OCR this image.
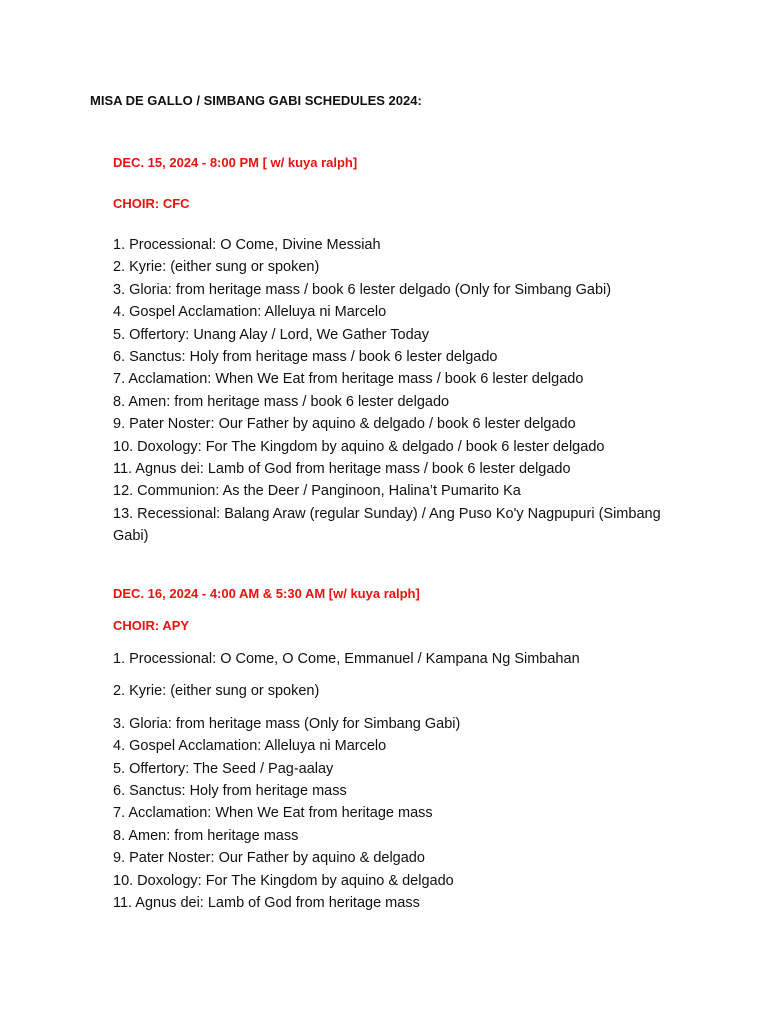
MISA DE GALLO / SIMBANG GABI SCHEDULES 2024:

DEC. 15, 2024 - 8:00 PM [ w/ kuya ralph]

CHOIR: CFC

1. Processional: O Come, Divine Messiah
2. Kyrie: (either sung or spoken)
3. Gloria: from heritage mass / book 6 lester delgado (Only for Simbang Gabi)
4. Gospel Acclamation: Alleluya ni Marcelo
5. Offertory: Unang Alay / Lord, We Gather Today
6. Sanctus: Holy from heritage mass / book 6 lester delgado
7. Acclamation: When We Eat from heritage mass / book 6 lester delgado
8. Amen: from heritage mass / book 6 lester delgado
9. Pater Noster: Our Father by aquino & delgado / book 6 lester delgado
10. Doxology: For The Kingdom by aquino & delgado / book 6 lester delgado
11. Agnus dei: Lamb of God from heritage mass / book 6 lester delgado
12. Communion: As the Deer / Panginoon, Halina’t Pumarito Ka
13. Recessional: Balang Araw (regular Sunday) / Ang Puso Ko'y Nagpupuri (Simbang Gabi)

DEC. 16, 2024 - 4:00 AM & 5:30 AM [w/ kuya ralph]

CHOIR: APY

1. Processional: O Come, O Come, Emmanuel / Kampana Ng Simbahan
2. Kyrie: (either sung or spoken)
3. Gloria: from heritage mass (Only for Simbang Gabi)
4. Gospel Acclamation: Alleluya ni Marcelo
5. Offertory: The Seed / Pag-aalay
6. Sanctus: Holy from heritage mass
7. Acclamation: When We Eat from heritage mass
8. Amen: from heritage mass
9. Pater Noster: Our Father by aquino & delgado
10. Doxology: For The Kingdom by aquino & delgado
11. Agnus dei: Lamb of God from heritage mass
